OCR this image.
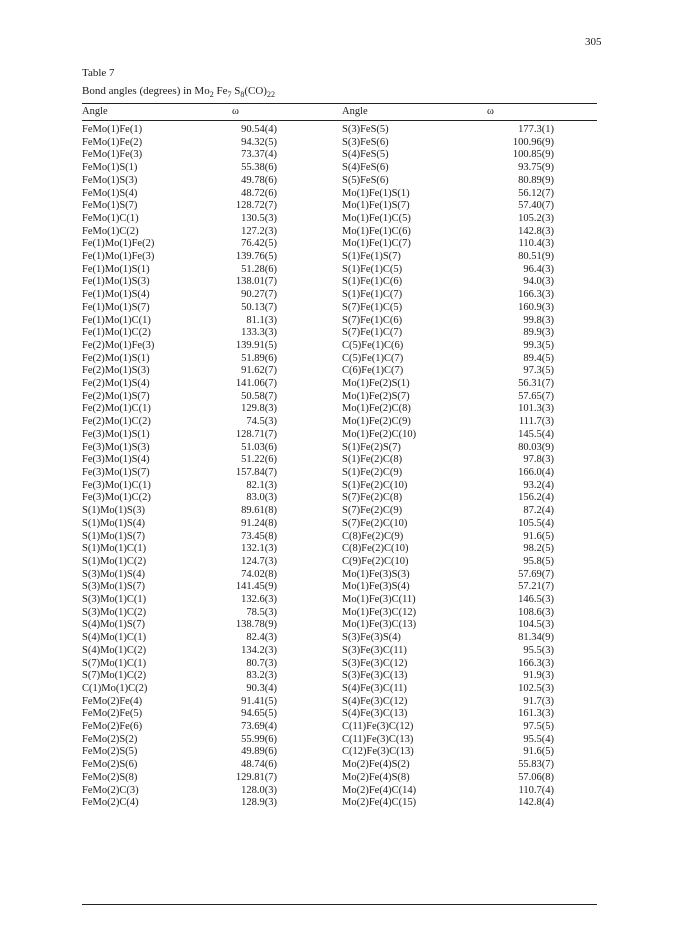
305
Table 7
Bond angles (degrees) in $Mo_2$ $Fe_7$ $S_8(CO)_{22}$
Angle	ω	Angle	ω
FeMo(1)Fe(1)	90.54(4)		S(3)FeS(5)	177.3(1)	
FeMo(1)Fe(2)	94.32(5)		S(3)FeS(6)	100.96(9)	
FeMo(1)Fe(3)	73.37(4)		S(4)FeS(5)	100.85(9)	
FeMo(1)S(1)	55.38(6)		S(4)FeS(6)	93.75(9)	
FeMo(1)S(3)	49.78(6)		S(5)FeS(6)	80.89(9)	
FeMo(1)S(4)	48.72(6)		Mo(1)Fe(1)S(1)	56.12(7)	
FeMo(1)S(7)	128.72(7)		Mo(1)Fe(1)S(7)	57.40(7)	
FeMo(1)C(1)	130.5(3)		Mo(1)Fe(1)C(5)	105.2(3)	
FeMo(1)C(2)	127.2(3)		Mo(1)Fe(1)C(6)	142.8(3)	
Fe(1)Mo(1)Fe(2)	76.42(5)		Mo(1)Fe(1)C(7)	110.4(3)	
Fe(1)Mo(1)Fe(3)	139.76(5)		S(1)Fe(1)S(7)	80.51(9)	
Fe(1)Mo(1)S(1)	51.28(6)		S(1)Fe(1)C(5)	96.4(3)	
Fe(1)Mo(1)S(3)	138.01(7)		S(1)Fe(1)C(6)	94.0(3)	
Fe(1)Mo(1)S(4)	90.27(7)		S(1)Fe(1)C(7)	166.3(3)	
Fe(1)Mo(1)S(7)	50.13(7)		S(7)Fe(1)C(5)	160.9(3)	
Fe(1)Mo(1)C(1)	81.1(3)		S(7)Fe(1)C(6)	99.8(3)	
Fe(1)Mo(1)C(2)	133.3(3)		S(7)Fe(1)C(7)	89.9(3)	
Fe(2)Mo(1)Fe(3)	139.91(5)		C(5)Fe(1)C(6)	99.3(5)	
Fe(2)Mo(1)S(1)	51.89(6)		C(5)Fe(1)C(7)	89.4(5)	
Fe(2)Mo(1)S(3)	91.62(7)		C(6)Fe(1)C(7)	97.3(5)	
Fe(2)Mo(1)S(4)	141.06(7)		Mo(1)Fe(2)S(1)	56.31(7)	
Fe(2)Mo(1)S(7)	50.58(7)		Mo(1)Fe(2)S(7)	57.65(7)	
Fe(2)Mo(1)C(1)	129.8(3)		Mo(1)Fe(2)C(8)	101.3(3)	
Fe(2)Mo(1)C(2)	74.5(3)		Mo(1)Fe(2)C(9)	111.7(3)	
Fe(3)Mo(1)S(1)	128.71(7)		Mo(1)Fe(2)C(10)	145.5(4)	
Fe(3)Mo(1)S(3)	51.03(6)		S(1)Fe(2)S(7)	80.03(9)	
Fe(3)Mo(1)S(4)	51.22(6)		S(1)Fe(2)C(8)	97.8(3)	
Fe(3)Mo(1)S(7)	157.84(7)		S(1)Fe(2)C(9)	166.0(4)	
Fe(3)Mo(1)C(1)	82.1(3)		S(1)Fe(2)C(10)	93.2(4)	
Fe(3)Mo(1)C(2)	83.0(3)		S(7)Fe(2)C(8)	156.2(4)	
S(1)Mo(1)S(3)	89.61(8)		S(7)Fe(2)C(9)	87.2(4)	
S(1)Mo(1)S(4)	91.24(8)		S(7)Fe(2)C(10)	105.5(4)	
S(1)Mo(1)S(7)	73.45(8)		C(8)Fe(2)C(9)	91.6(5)	
S(1)Mo(1)C(1)	132.1(3)		C(8)Fe(2)C(10)	98.2(5)	
S(1)Mo(1)C(2)	124.7(3)		C(9)Fe(2)C(10)	95.8(5)	
S(3)Mo(1)S(4)	74.02(8)		Mo(1)Fe(3)S(3)	57.69(7)	
S(3)Mo(1)S(7)	141.45(9)		Mo(1)Fe(3)S(4)	57.21(7)	
S(3)Mo(1)C(1)	132.6(3)		Mo(1)Fe(3)C(11)	146.5(3)	
S(3)Mo(1)C(2)	78.5(3)		Mo(1)Fe(3)C(12)	108.6(3)	
S(4)Mo(1)S(7)	138.78(9)		Mo(1)Fe(3)C(13)	104.5(3)	
S(4)Mo(1)C(1)	82.4(3)		S(3)Fe(3)S(4)	81.34(9)	
S(4)Mo(1)C(2)	134.2(3)		S(3)Fe(3)C(11)	95.5(3)	
S(7)Mo(1)C(1)	80.7(3)		S(3)Fe(3)C(12)	166.3(3)	
S(7)Mo(1)C(2)	83.2(3)		S(3)Fe(3)C(13)	91.9(3)	
C(1)Mo(1)C(2)	90.3(4)		S(4)Fe(3)C(11)	102.5(3)	
FeMo(2)Fe(4)	91.41(5)		S(4)Fe(3)C(12)	91.7(3)	
FeMo(2)Fe(5)	94.65(5)		S(4)Fe(3)C(13)	161.3(3)	
FeMo(2)Fe(6)	73.69(4)		C(11)Fe(3)C(12)	97.5(5)	
FeMo(2)S(2)	55.99(6)		C(11)Fe(3)C(13)	95.5(4)	
FeMo(2)S(5)	49.89(6)		C(12)Fe(3)C(13)	91.6(5)	
FeMo(2)S(6)	48.74(6)		Mo(2)Fe(4)S(2)	55.83(7)	
FeMo(2)S(8)	129.81(7)		Mo(2)Fe(4)S(8)	57.06(8)	
FeMo(2)C(3)	128.0(3)		Mo(2)Fe(4)C(14)	110.7(4)	
FeMo(2)C(4)	128.9(3)		Mo(2)Fe(4)C(15)	142.8(4)	
